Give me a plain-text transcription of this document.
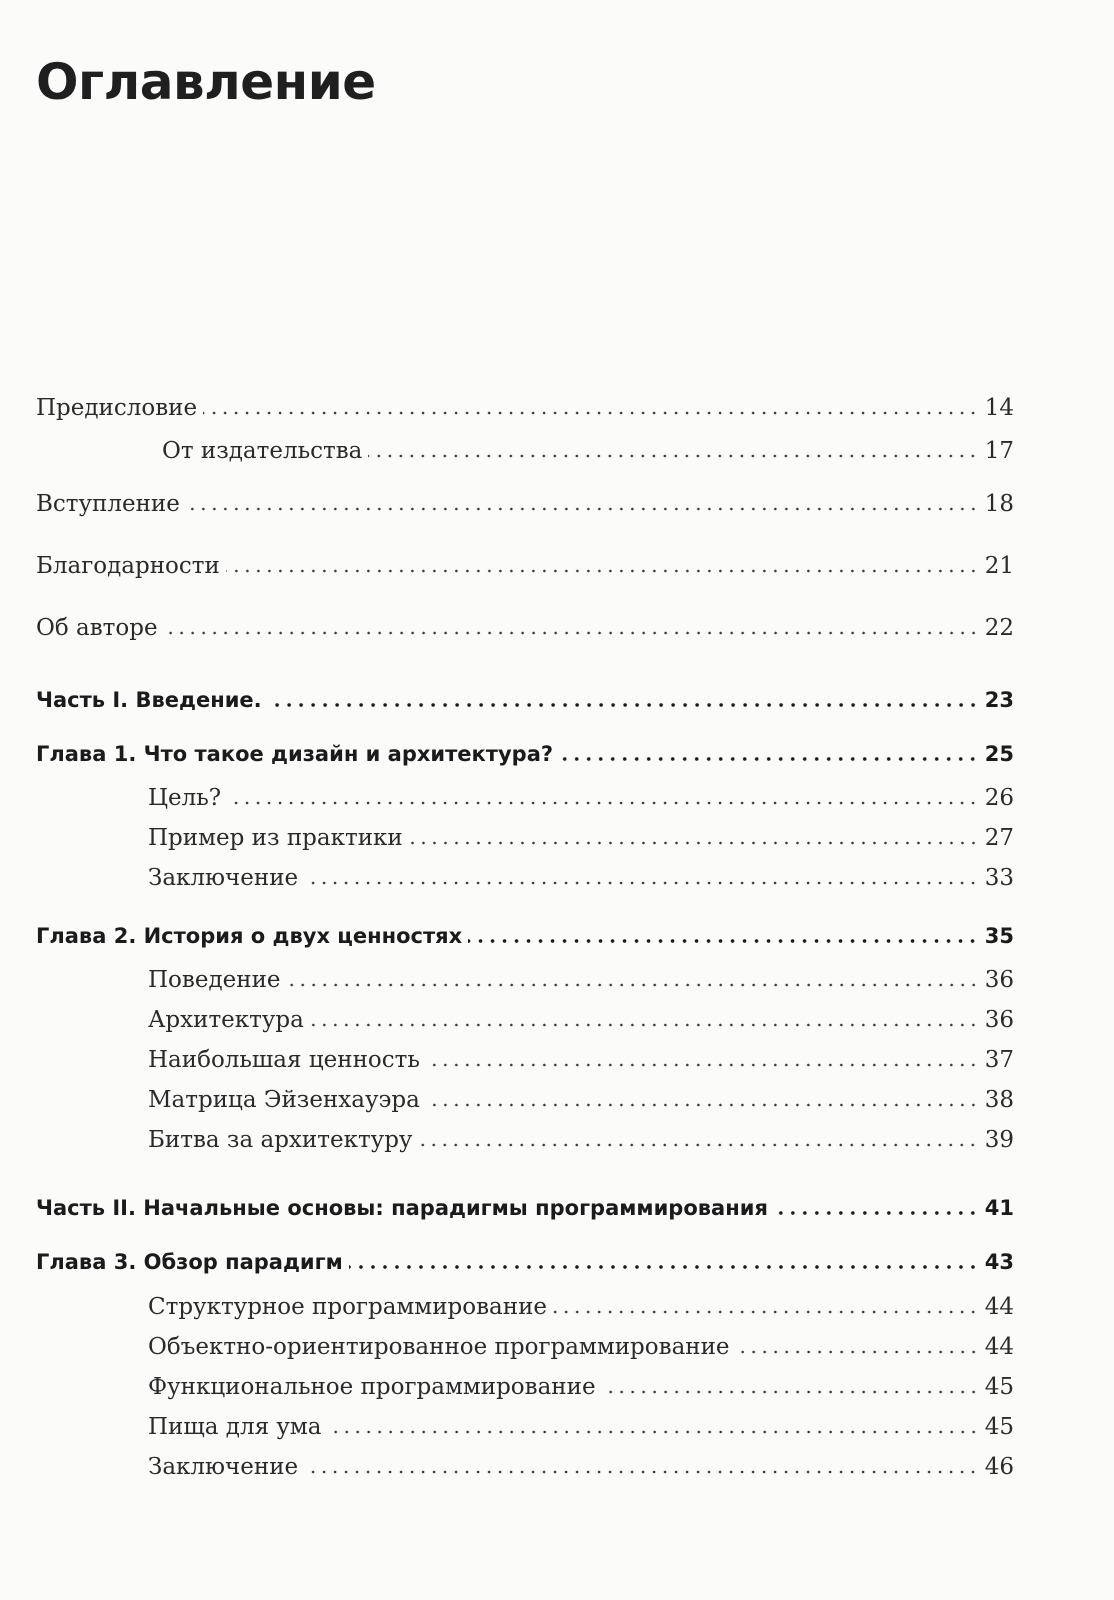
Оглавление
Предисловие	14
От издательства	17
Вступление	18
Благодарности	21
Об авторе	22
Часть I. Введение.	23
Глава 1. Что такое дизайн и архитектура?	25
Цель?	26
Пример из практики	27
Заключение	33
Глава 2. История о двух ценностях	35
Поведение	36
Архитектура	36
Наибольшая ценность	37
Матрица Эйзенхауэра	38
Битва за архитектуру	39
Часть II. Начальные основы: парадигмы программирования	41
Глава 3. Обзор парадигм	43
Структурное программирование	44
Объектно-ориентированное программирование	44
Функциональное программирование	45
Пища для ума	45
Заключение	46
